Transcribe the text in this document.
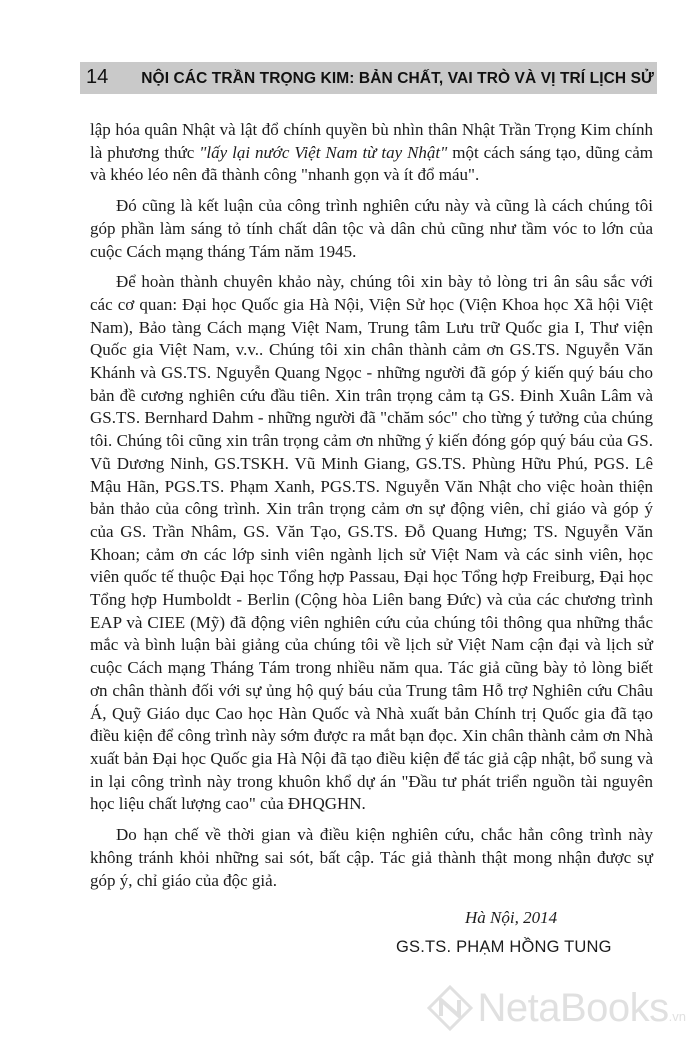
14 NỘI CÁC TRẦN TRỌNG KIM: BẢN CHẤT, VAI TRÒ VÀ VỊ TRÍ LỊCH SỬ

lập hóa quân Nhật và lật đổ chính quyền bù nhìn thân Nhật Trần Trọng Kim chính là phương thức "lấy lại nước Việt Nam từ tay Nhật" một cách sáng tạo, dũng cảm và khéo léo nên đã thành công "nhanh gọn và ít đổ máu".

Đó cũng là kết luận của công trình nghiên cứu này và cũng là cách chúng tôi góp phần làm sáng tỏ tính chất dân tộc và dân chủ cũng như tầm vóc to lớn của cuộc Cách mạng tháng Tám năm 1945.

Để hoàn thành chuyên khảo này, chúng tôi xin bày tỏ lòng tri ân sâu sắc với các cơ quan: Đại học Quốc gia Hà Nội, Viện Sử học (Viện Khoa học Xã hội Việt Nam), Bảo tàng Cách mạng Việt Nam, Trung tâm Lưu trữ Quốc gia I, Thư viện Quốc gia Việt Nam, v.v.. Chúng tôi xin chân thành cảm ơn GS.TS. Nguyễn Văn Khánh và GS.TS. Nguyễn Quang Ngọc - những người đã góp ý kiến quý báu cho bản đề cương nghiên cứu đầu tiên. Xin trân trọng cảm tạ GS. Đinh Xuân Lâm và GS.TS. Bernhard Dahm - những người đã "chăm sóc" cho từng ý tưởng của chúng tôi. Chúng tôi cũng xin trân trọng cảm ơn những ý kiến đóng góp quý báu của GS. Vũ Dương Ninh, GS.TSKH. Vũ Minh Giang, GS.TS. Phùng Hữu Phú, PGS. Lê Mậu Hãn, PGS.TS. Phạm Xanh, PGS.TS. Nguyễn Văn Nhật cho việc hoàn thiện bản thảo của công trình. Xin trân trọng cảm ơn sự động viên, chỉ giáo và góp ý của GS. Trần Nhâm, GS. Văn Tạo, GS.TS. Đỗ Quang Hưng; TS. Nguyễn Văn Khoan; cảm ơn các lớp sinh viên ngành lịch sử Việt Nam và các sinh viên, học viên quốc tế thuộc Đại học Tổng hợp Passau, Đại học Tổng hợp Freiburg, Đại học Tổng hợp Humboldt - Berlin (Cộng hòa Liên bang Đức) và của các chương trình EAP và CIEE (Mỹ) đã động viên nghiên cứu của chúng tôi thông qua những thắc mắc và bình luận bài giảng của chúng tôi về lịch sử Việt Nam cận đại và lịch sử cuộc Cách mạng Tháng Tám trong nhiều năm qua. Tác giả cũng bày tỏ lòng biết ơn chân thành đối với sự ủng hộ quý báu của Trung tâm Hỗ trợ Nghiên cứu Châu Á, Quỹ Giáo dục Cao học Hàn Quốc và Nhà xuất bản Chính trị Quốc gia đã tạo điều kiện để công trình này sớm được ra mắt bạn đọc. Xin chân thành cảm ơn Nhà xuất bản Đại học Quốc gia Hà Nội đã tạo điều kiện để tác giả cập nhật, bổ sung và in lại công trình này trong khuôn khổ dự án "Đầu tư phát triển nguồn tài nguyên học liệu chất lượng cao" của ĐHQGHN.

Do hạn chế về thời gian và điều kiện nghiên cứu, chắc hẳn công trình này không tránh khỏi những sai sót, bất cập. Tác giả thành thật mong nhận được sự góp ý, chỉ giáo của độc giả.

Hà Nội, 2014
GS.TS. PHẠM HỒNG TUNG
NetaBooks .vn
